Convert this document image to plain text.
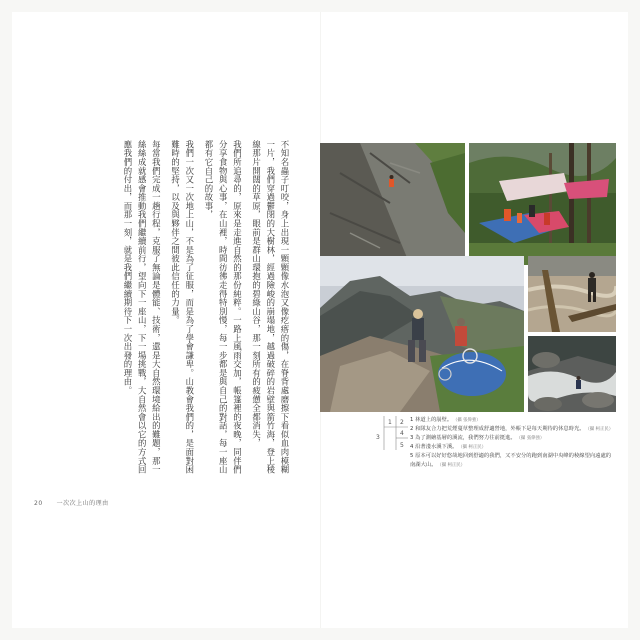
不知名蟲子叮咬，身上出現一顆顆像水泡又像疙瘩的傷，在脊背處磨擦下看似血肉模糊一片，我們穿過鬱閉的大樹林，經過險峻的崩塌地，越過破碎的岩壁與箭竹海，登上稜線那片開闊的草原，眼前是群山環抱的碧綠山谷，那一刻所有的疲憊全都消失，

我們所追尋的，原來是走進自然的那份純粹。一路上風雨交加，帳篷裡的夜晚，同伴們分享食物與心事，在山裡，時間彷彿走得特別慢，每一步都是與自己的對話，每一座山都有它自己的故事，

我們一次又一次地上山，不是為了征服，而是為了學會謙卑。山教會我們的，是面對困難時的堅持，以及與夥伴之間彼此信任的力量。

每當我們完成一趟行程，克服了無論是體能、技術，還是大自然環境給出的難題，那一絲絲成就感會推動我們繼續前行，望向下一座山，下一場挑戰，大自然會以它的方式回應我們的付出，而那一刻，就是我們繼續期待下一次出發的理由。

20 一次次上山的理由
1 2
3
4
5
1 林道上的崩壁。 （攝 張偉強）
2 和隊友合力把荒煙蔓草整理成舒適營地，外帳下是每天期待的休息時光。 （攝 柯正民）
3 為了測繪基層的溪流，我們努力往前挺進。 （攝 張偉強）
4 沿著淺水溪下溪。 （攝 柯正民）
5 原本可以好好悠哉地回到舒適的我們，又不安分的跑到南湖中央峰的稜線望向遠處的南湖大山。 （攝 柯正民）
